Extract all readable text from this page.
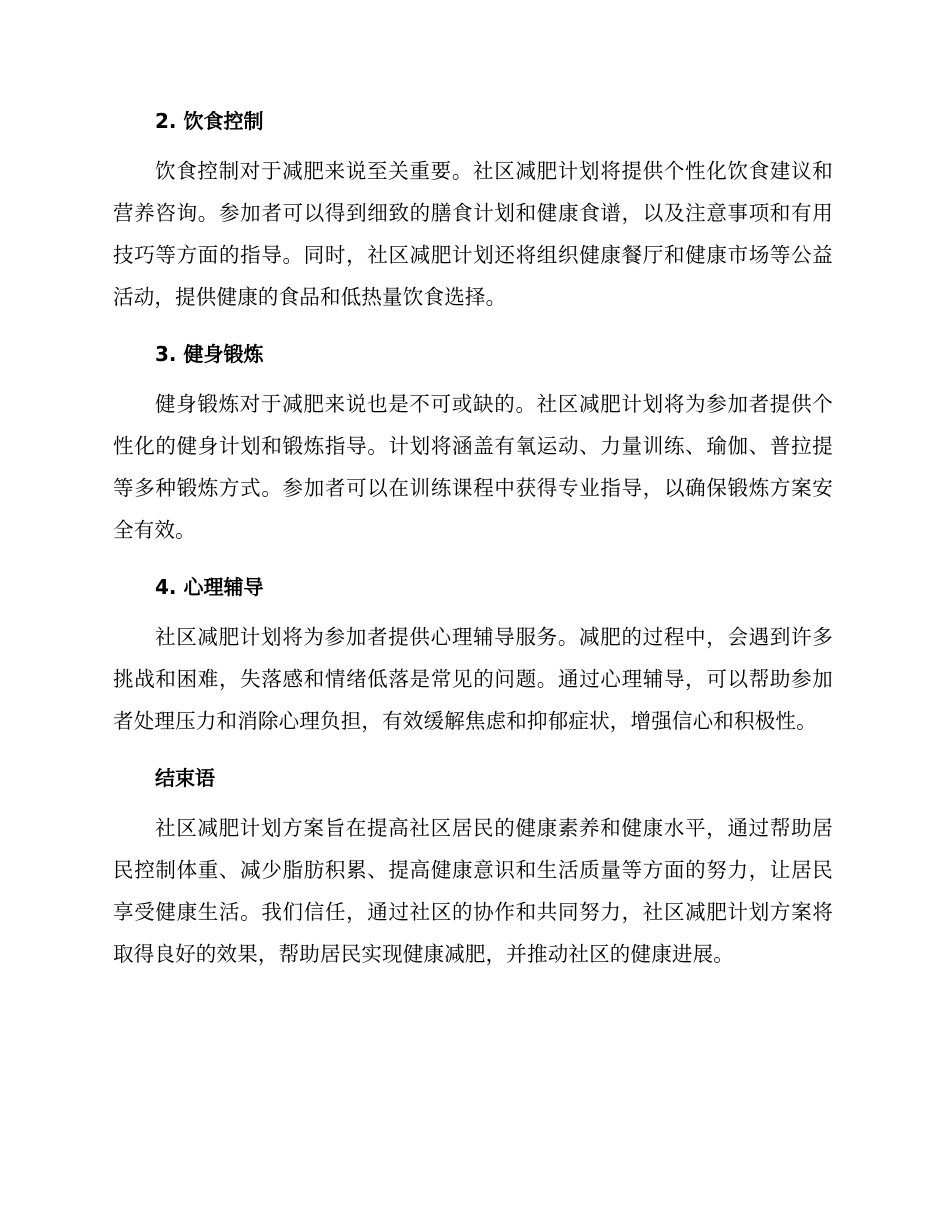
2. 饮食控制

饮食控制对于减肥来说至关重要。社区减肥计划将提供个性化饮食建议和营养咨询。参加者可以得到细致的膳食计划和健康食谱，以及注意事项和有用技巧等方面的指导。同时，社区减肥计划还将组织健康餐厅和健康市场等公益活动，提供健康的食品和低热量饮食选择。

3. 健身锻炼

健身锻炼对于减肥来说也是不可或缺的。社区减肥计划将为参加者提供个性化的健身计划和锻炼指导。计划将涵盖有氧运动、力量训练、瑜伽、普拉提等多种锻炼方式。参加者可以在训练课程中获得专业指导，以确保锻炼方案安全有效。

4. 心理辅导

社区减肥计划将为参加者提供心理辅导服务。减肥的过程中，会遇到许多挑战和困难，失落感和情绪低落是常见的问题。通过心理辅导，可以帮助参加者处理压力和消除心理负担，有效缓解焦虑和抑郁症状，增强信心和积极性。

结束语

社区减肥计划方案旨在提高社区居民的健康素养和健康水平，通过帮助居民控制体重、减少脂肪积累、提高健康意识和生活质量等方面的努力，让居民享受健康生活。我们信任，通过社区的协作和共同努力，社区减肥计划方案将取得良好的效果，帮助居民实现健康减肥，并推动社区的健康进展。
